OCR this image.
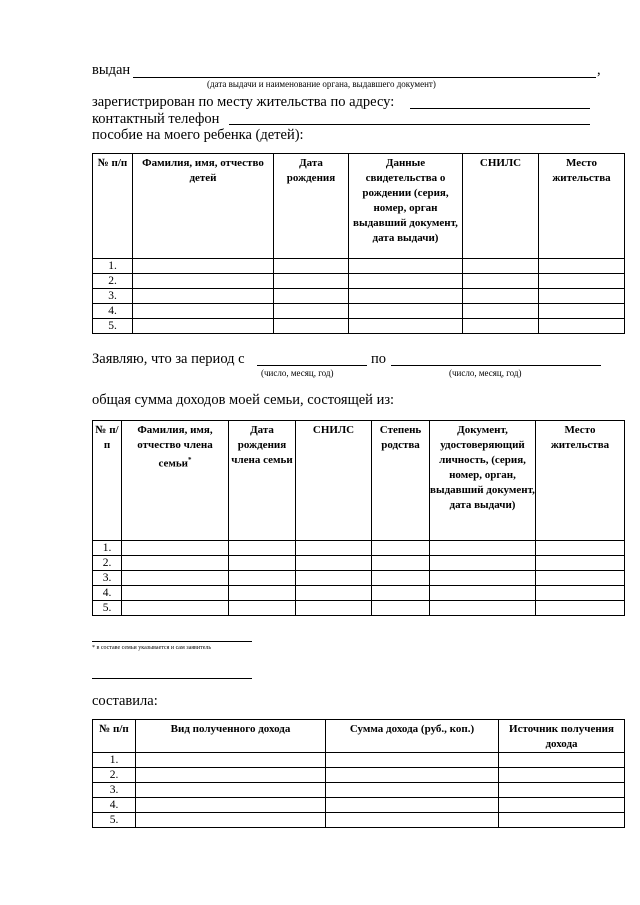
выдан	,
(дата выдачи и наименование органа, выдавшего документ)
зарегистрирован по месту жительства по адресу:
контактный телефон
пособие на моего ребенка (детей):
№ п/п	Фамилия, имя, отчество детей	Дата рождения	Данные свидетельства о рождении (серия, номер, орган выдавший документ, дата выдачи)	СНИЛС	Место жительства
1.					
2.					
3.					
4.					
5.					
Заявляю, что за период с	по
(число, месяц, год)	(число, месяц, год)
общая сумма доходов моей семьи, состоящей из:
№ п/п	Фамилия, имя, отчество члена семьи*	Дата рождения члена семьи	СНИЛС	Степень родства	Документ, удостоверяющий личность, (серия, номер, орган, выдавший документ, дата выдачи)	Место жительства
1.						
2.						
3.						
4.						
5.						
* в составе семьи указывается и сам заявитель
составила:
№ п/п	Вид полученного дохода	Сумма дохода (руб., коп.)	Источник получения дохода
1.			
2.			
3.			
4.			
5.			
